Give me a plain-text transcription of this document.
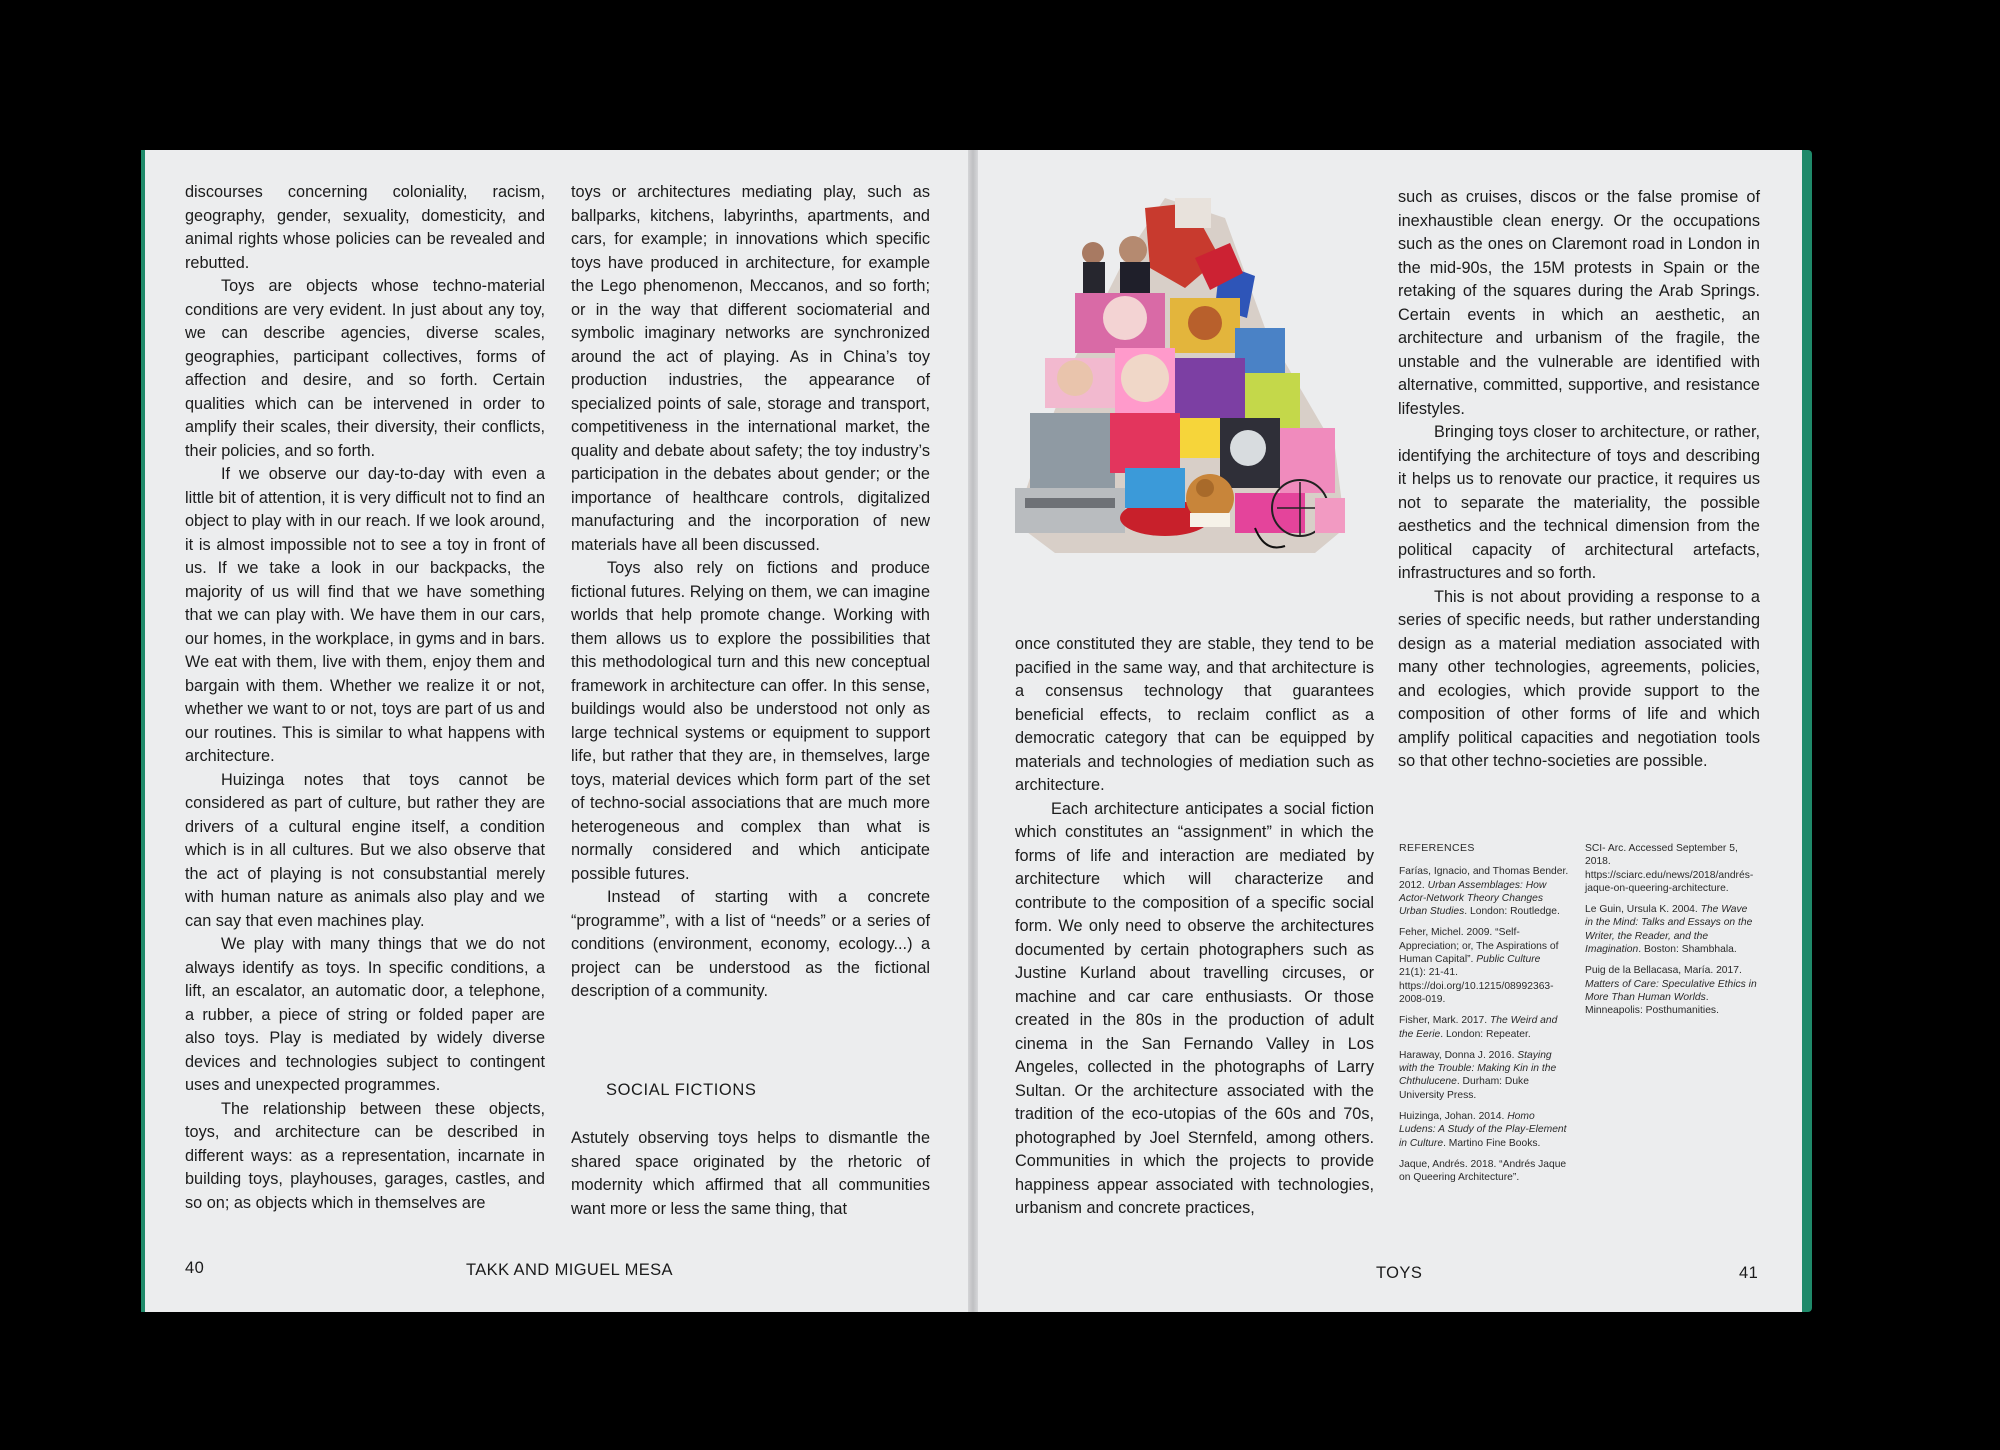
discourses concerning coloniality, racism, geography, gender, sexuality, domesticity, and animal rights whose policies can be revealed and rebutted.

Toys are objects whose techno-material conditions are very evident. In just about any toy, we can describe agencies, diverse scales, geographies, participant collectives, forms of affection and desire, and so forth. Certain qualities which can be intervened in order to amplify their scales, their diversity, their conflicts, their policies, and so forth.

If we observe our day-to-day with even a little bit of attention, it is very difficult not to find an object to play with in our reach. If we look around, it is almost impossible not to see a toy in front of us. If we take a look in our backpacks, the majority of us will find that we have something that we can play with. We have them in our cars, our homes, in the workplace, in gyms and in bars. We eat with them, live with them, enjoy them and bargain with them. Whether we realize it or not, whether we want to or not, toys are part of us and our routines. This is similar to what happens with architecture.

Huizinga notes that toys cannot be considered as part of culture, but rather they are drivers of a cultural engine itself, a condition which is in all cultures. But we also observe that the act of playing is not consubstantial merely with human nature as animals also play and we can say that even machines play.

We play with many things that we do not always identify as toys. In specific conditions, a lift, an escalator, an automatic door, a telephone, a rubber, a piece of string or folded paper are also toys. Play is mediated by widely diverse devices and technologies subject to contingent uses and unexpected programmes.

The relationship between these objects, toys, and architecture can be described in different ways: as a representation, incarnate in building toys, playhouses, garages, castles, and so on; as objects which in themselves are

toys or architectures mediating play, such as ballparks, kitchens, labyrinths, apartments, and cars, for example; in innovations which specific toys have produced in architecture, for example the Lego phenomenon, Meccanos, and so forth; or in the way that different sociomaterial and symbolic imaginary networks are synchronized around the act of playing. As in China’s toy production industries, the appearance of specialized points of sale, storage and transport, competitiveness in the international market, the quality and debate about safety; the toy industry’s participation in the debates about gender; or the importance of healthcare controls, digitalized manufacturing and the incorporation of new materials have all been discussed.

Toys also rely on fictions and produce fictional futures. Relying on them, we can imagine worlds that help promote change. Working with them allows us to explore the possibilities that this methodological turn and this new conceptual framework in architecture can offer. In this sense, buildings would also be understood not only as large technical systems or equipment to support life, but rather that they are, in themselves, large toys, material devices which form part of the set of techno-social associations that are much more heterogeneous and complex than what is normally considered and which anticipate possible futures.

Instead of starting with a concrete “programme”, with a list of “needs” or a series of conditions (environment, economy, ecology...) a project can be understood as the fictional description of a community.

SOCIAL FICTIONS

Astutely observing toys helps to dismantle the shared space originated by the rhetoric of modernity which affirmed that all communities want more or less the same thing, that

40	TAKK AND MIGUEL MESA

once constituted they are stable, they tend to be pacified in the same way, and that architecture is a consensus technology that guarantees beneficial effects, to reclaim conflict as a democratic category that can be equipped by materials and technologies of mediation such as architecture.

Each architecture anticipates a social fiction which constitutes an “assignment” in which the forms of life and interaction are mediated by architecture which will characterize and contribute to the composition of a specific social form. We only need to observe the architectures documented by certain photographers such as Justine Kurland about travelling circuses, or machine and car care enthusiasts. Or those created in the 80s in the production of adult cinema in the San Fernando Valley in Los Angeles, collected in the photographs of Larry Sultan. Or the architecture associated with the tradition of the eco-utopias of the 60s and 70s, photographed by Joel Sternfeld, among others. Communities in which the projects to provide happiness appear associated with technologies, urbanism and concrete practices,

such as cruises, discos or the false promise of inexhaustible clean energy. Or the occupations such as the ones on Claremont road in London in the mid-90s, the 15M protests in Spain or the retaking of the squares during the Arab Springs. Certain events in which an aesthetic, an architecture and urbanism of the fragile, the unstable and the vulnerable are identified with alternative, committed, supportive, and resistance lifestyles.

Bringing toys closer to architecture, or rather, identifying the architecture of toys and describing it helps us to renovate our practice, it requires us not to separate the materiality, the possible aesthetics and the technical dimension from the political capacity of architectural artefacts, infrastructures and so forth.

This is not about providing a response to a series of specific needs, but rather understanding design as a material mediation associated with many other technologies, agreements, policies, and ecologies, which provide support to the composition of other forms of life and which amplify political capacities and negotiation tools so that other techno-societies are possible.

REFERENCES

Farías, Ignacio, and Thomas Bender. 2012. Urban Assemblages: How Actor-Network Theory Changes Urban Studies. London: Routledge.

Feher, Michel. 2009. “Self-Appreciation; or, The Aspirations of Human Capital”. Public Culture 21(1): 21-41. https://doi.org/10.1215/08992363-2008-019.

Fisher, Mark. 2017. The Weird and the Eerie. London: Repeater.

Haraway, Donna J. 2016. Staying with the Trouble: Making Kin in the Chthulucene. Durham: Duke University Press.

Huizinga, Johan. 2014. Homo Ludens: A Study of the Play-Element in Culture. Martino Fine Books.

Jaque, Andrés. 2018. “Andrés Jaque on Queering Architecture”.

SCI- Arc. Accessed September 5, 2018. https://sciarc.edu/news/2018/andrés-jaque-on-queering-architecture.

Le Guin, Ursula K. 2004. The Wave in the Mind: Talks and Essays on the Writer, the Reader, and the Imagination. Boston: Shambhala.

Puig de la Bellacasa, María. 2017. Matters of Care: Speculative Ethics in More Than Human Worlds. Minneapolis: Posthumanities.

TOYS	41
